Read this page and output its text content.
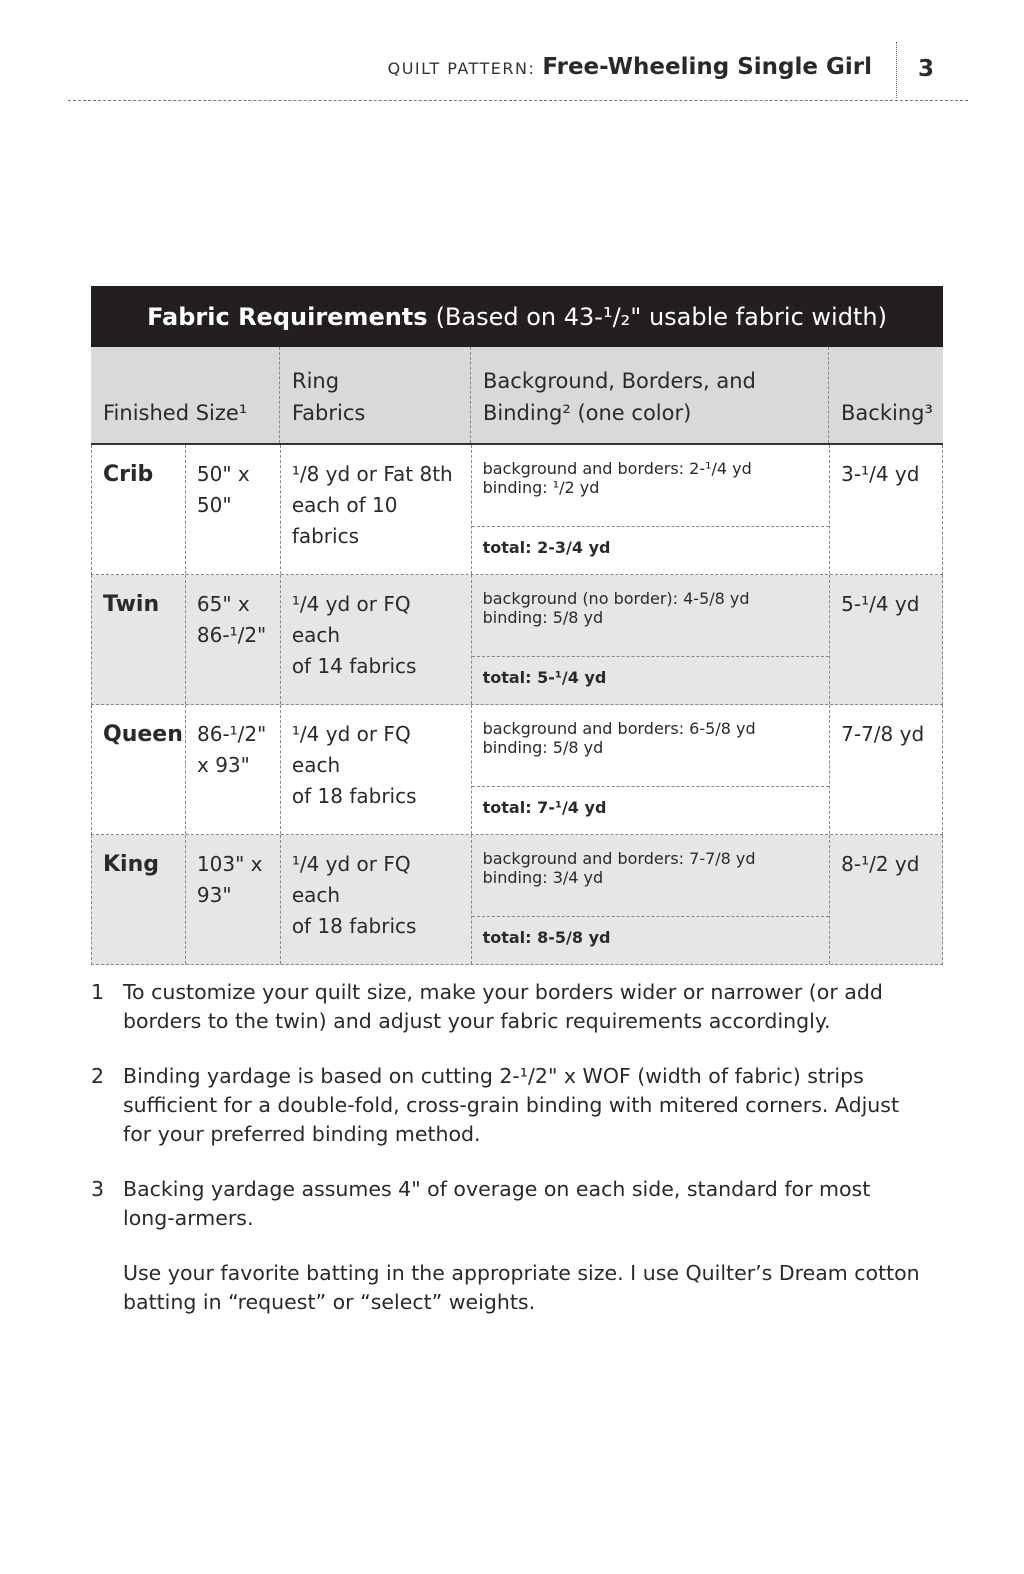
QUILT PATTERN: Free-Wheeling Single Girl 3
Fabric Requirements (Based on 43-¹/₂" usable fabric width)
Finished Size¹
Ring
Fabrics
Background, Borders, and
Binding² (one color)	Backing³
Crib	50" x
50"
¹/8 yd or Fat 8th
each of 10 fabrics
background and borders: 2-¹/4 yd
binding: ¹/2 yd
total: 2-3/4 yd
3-¹/4 yd
Twin	65" x
86-¹/2"
¹/4 yd or FQ each
of 14 fabrics
background (no border): 4-5/8 yd
binding: 5/8 yd
total: 5-¹/4 yd
5-¹/4 yd
Queen 86-¹/2"
x 93"
¹/4 yd or FQ each
of 18 fabrics
background and borders: 6-5/8 yd
binding: 5/8 yd
total: 7-¹/4 yd
7-7/8 yd
King	103" x
93"
¹/4 yd or FQ each
of 18 fabrics
background and borders: 7-7/8 yd
binding: 3/4 yd
total: 8-5/8 yd
8-¹/2 yd
1 To customize your quilt size, make your borders wider or narrower (or add borders to the twin) and adjust your fabric requirements accordingly.
2 Binding yardage is based on cutting 2-¹/2" x WOF (width of fabric) strips sufficient for a double-fold, cross-grain binding with mitered corners. Adjust for your preferred binding method.
3 Backing yardage assumes 4" of overage on each side, standard for most long-armers.
Use your favorite batting in the appropriate size. I use Quilter’s Dream cotton batting in “request” or “select” weights.
